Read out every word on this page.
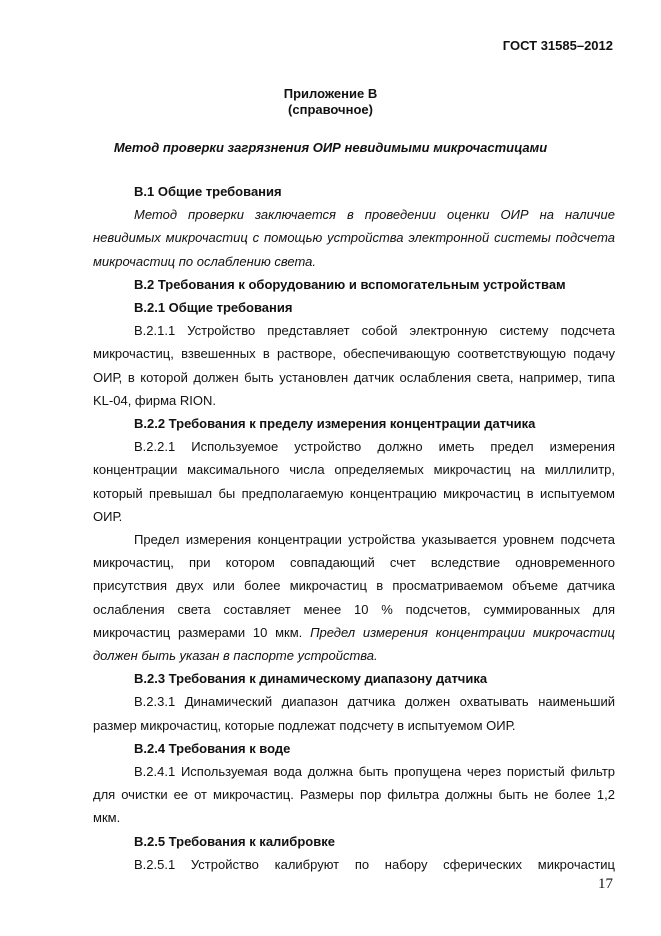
ГОСТ 31585–2012
Приложение В
(справочное)
Метод проверки загрязнения ОИР невидимыми микрочастицами

В.1 Общие требования

Метод проверки заключается в проведении оценки ОИР на наличие невидимых микрочастиц с помощью устройства электронной системы подсчета микрочастиц по ослаблению света.

В.2 Требования к оборудованию и вспомогательным устройствам

В.2.1 Общие требования

В.2.1.1 Устройство представляет собой электронную систему подсчета микрочастиц, взвешенных в растворе, обеспечивающую соответствующую подачу ОИР, в которой должен быть установлен датчик ослабления света, например, типа KL-04, фирма RION.

В.2.2 Требования к пределу измерения концентрации датчика

В.2.2.1 Используемое устройство должно иметь предел измерения концентрации максимального числа определяемых микрочастиц на миллилитр, который превышал бы предполагаемую концентрацию микрочастиц в испытуемом ОИР.

Предел измерения концентрации устройства указывается уровнем подсчета микрочастиц, при котором совпадающий счет вследствие одновременного присутствия двух или более микрочастиц в просматриваемом объеме датчика ослабления света составляет менее 10 % подсчетов, суммированных для микрочастиц размерами 10 мкм. Предел измерения концентрации микрочастиц должен быть указан в паспорте устройства.

В.2.3 Требования к динамическому диапазону датчика

В.2.3.1 Динамический диапазон датчика должен охватывать наименьший размер микрочастиц, которые подлежат подсчету в испытуемом ОИР.

В.2.4 Требования к воде

В.2.4.1 Используемая вода должна быть пропущена через пористый фильтр для очистки ее от микрочастиц. Размеры пор фильтра должны быть не более 1,2 мкм.

В.2.5 Требования к калибровке

В.2.5.1 Устройство калибруют по набору сферических микрочастиц

17
